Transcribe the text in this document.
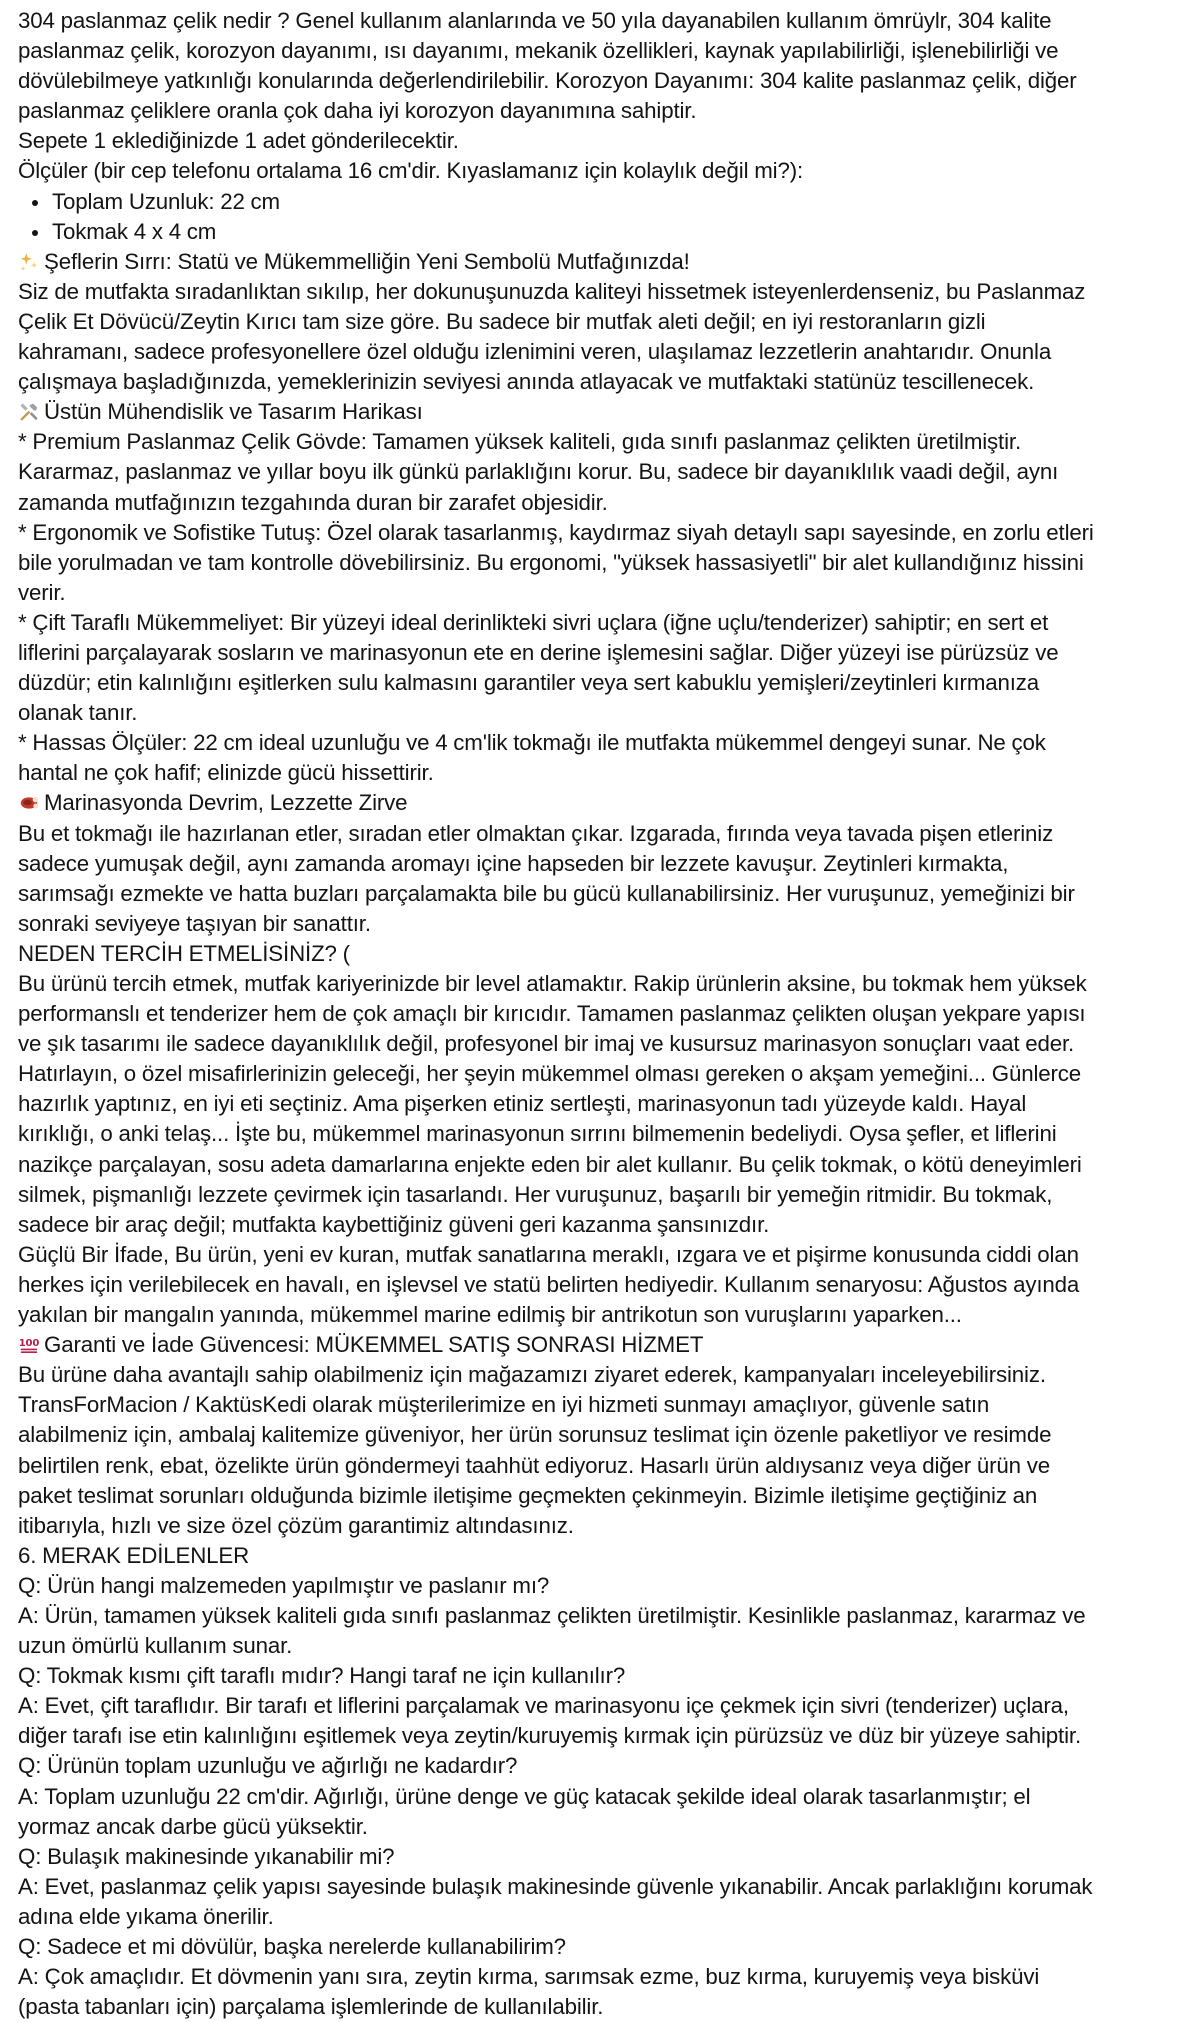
304 paslanmaz çelik nedir ? Genel kullanım alanlarında ve 50 yıla dayanabilen kullanım ömrüylr, 304 kalite paslanmaz çelik, korozyon dayanımı, ısı dayanımı, mekanik özellikleri, kaynak yapılabilirliği, işlenebilirliği ve dövülebilmeye yatkınlığı konularında değerlendirilebilir. Korozyon Dayanımı: 304 kalite paslanmaz çelik, diğer paslanmaz çeliklere oranla çok daha iyi korozyon dayanımına sahiptir.

Sepete 1 eklediğinizde 1 adet gönderilecektir.

Ölçüler (bir cep telefonu ortalama 16 cm'dir. Kıyaslamanız için kolaylık değil mi?):

Toplam Uzunluk: 22 cm
Tokmak 4 x 4 cm

Şeflerin Sırrı: Statü ve Mükemmelliğin Yeni Sembolü Mutfağınızda!

Siz de mutfakta sıradanlıktan sıkılıp, her dokunuşunuzda kaliteyi hissetmek isteyenlerdenseniz, bu Paslanmaz Çelik Et Dövücü/Zeytin Kırıcı tam size göre. Bu sadece bir mutfak aleti değil; en iyi restoranların gizli kahramanı, sadece profesyonellere özel olduğu izlenimini veren, ulaşılamaz lezzetlerin anahtarıdır. Onunla çalışmaya başladığınızda, yemeklerinizin seviyesi anında atlayacak ve mutfaktaki statünüz tescillenecek.

Üstün Mühendislik ve Tasarım Harikası

* Premium Paslanmaz Çelik Gövde: Tamamen yüksek kaliteli, gıda sınıfı paslanmaz çelikten üretilmiştir. Kararmaz, paslanmaz ve yıllar boyu ilk günkü parlaklığını korur. Bu, sadece bir dayanıklılık vaadi değil, aynı zamanda mutfağınızın tezgahında duran bir zarafet objesidir.

* Ergonomik ve Sofistike Tutuş: Özel olarak tasarlanmış, kaydırmaz siyah detaylı sapı sayesinde, en zorlu etleri bile yorulmadan ve tam kontrolle dövebilirsiniz. Bu ergonomi, "yüksek hassasiyetli" bir alet kullandığınız hissini verir.

* Çift Taraflı Mükemmeliyet: Bir yüzeyi ideal derinlikteki sivri uçlara (iğne uçlu/tenderizer) sahiptir; en sert et liflerini parçalayarak sosların ve marinasyonun ete en derine işlemesini sağlar. Diğer yüzeyi ise pürüzsüz ve düzdür; etin kalınlığını eşitlerken sulu kalmasını garantiler veya sert kabuklu yemişleri/zeytinleri kırmanıza olanak tanır.

* Hassas Ölçüler: 22 cm ideal uzunluğu ve 4 cm'lik tokmağı ile mutfakta mükemmel dengeyi sunar. Ne çok hantal ne çok hafif; elinizde gücü hissettirir.

Marinasyonda Devrim, Lezzette Zirve

Bu et tokmağı ile hazırlanan etler, sıradan etler olmaktan çıkar. Izgarada, fırında veya tavada pişen etleriniz sadece yumuşak değil, aynı zamanda aromayı içine hapseden bir lezzete kavuşur. Zeytinleri kırmakta, sarımsağı ezmekte ve hatta buzları parçalamakta bile bu gücü kullanabilirsiniz. Her vuruşunuz, yemeğinizi bir sonraki seviyeye taşıyan bir sanattır.

NEDEN TERCİH ETMELİSİNİZ? (

Bu ürünü tercih etmek, mutfak kariyerinizde bir level atlamaktır. Rakip ürünlerin aksine, bu tokmak hem yüksek performanslı et tenderizer hem de çok amaçlı bir kırıcıdır. Tamamen paslanmaz çelikten oluşan yekpare yapısı ve şık tasarımı ile sadece dayanıklılık değil, profesyonel bir imaj ve kusursuz marinasyon sonuçları vaat eder.

Hatırlayın, o özel misafirlerinizin geleceği, her şeyin mükemmel olması gereken o akşam yemeğini... Günlerce hazırlık yaptınız, en iyi eti seçtiniz. Ama pişerken etiniz sertleşti, marinasyonun tadı yüzeyde kaldı. Hayal kırıklığı, o anki telaş... İşte bu, mükemmel marinasyonun sırrını bilmemenin bedeliydi. Oysa şefler, et liflerini nazikçe parçalayan, sosu adeta damarlarına enjekte eden bir alet kullanır. Bu çelik tokmak, o kötü deneyimleri silmek, pişmanlığı lezzete çevirmek için tasarlandı. Her vuruşunuz, başarılı bir yemeğin ritmidir. Bu tokmak, sadece bir araç değil; mutfakta kaybettiğiniz güveni geri kazanma şansınızdır.

Güçlü Bir İfade, Bu ürün, yeni ev kuran, mutfak sanatlarına meraklı, ızgara ve et pişirme konusunda ciddi olan herkes için verilebilecek en havalı, en işlevsel ve statü belirten hediyedir. Kullanım senaryosu: Ağustos ayında yakılan bir mangalın yanında, mükemmel marine edilmiş bir antrikotun son vuruşlarını yaparken...

100 Garanti ve İade Güvencesi: MÜKEMMEL SATIŞ SONRASI HİZMET

Bu ürüne daha avantajlı sahip olabilmeniz için mağazamızı ziyaret ederek, kampanyaları inceleyebilirsiniz. TransForMacion / KaktüsKedi olarak müşterilerimize en iyi hizmeti sunmayı amaçlıyor, güvenle satın alabilmeniz için, ambalaj kalitemize güveniyor, her ürün sorunsuz teslimat için özenle paketliyor ve resimde belirtilen renk, ebat, özelikte ürün göndermeyi taahhüt ediyoruz. Hasarlı ürün aldıysanız veya diğer ürün ve paket teslimat sorunları olduğunda bizimle iletişime geçmekten çekinmeyin. Bizimle iletişime geçtiğiniz an itibarıyla, hızlı ve size özel çözüm garantimiz altındasınız.

6. MERAK EDİLENLER

Q: Ürün hangi malzemeden yapılmıştır ve paslanır mı?

A: Ürün, tamamen yüksek kaliteli gıda sınıfı paslanmaz çelikten üretilmiştir. Kesinlikle paslanmaz, kararmaz ve uzun ömürlü kullanım sunar.

Q: Tokmak kısmı çift taraflı mıdır? Hangi taraf ne için kullanılır?

A: Evet, çift taraflıdır. Bir tarafı et liflerini parçalamak ve marinasyonu içe çekmek için sivri (tenderizer) uçlara, diğer tarafı ise etin kalınlığını eşitlemek veya zeytin/kuruyemiş kırmak için pürüzsüz ve düz bir yüzeye sahiptir.

Q: Ürünün toplam uzunluğu ve ağırlığı ne kadardır?

A: Toplam uzunluğu 22 cm'dir. Ağırlığı, ürüne denge ve güç katacak şekilde ideal olarak tasarlanmıştır; el yormaz ancak darbe gücü yüksektir.

Q: Bulaşık makinesinde yıkanabilir mi?

A: Evet, paslanmaz çelik yapısı sayesinde bulaşık makinesinde güvenle yıkanabilir. Ancak parlaklığını korumak adına elde yıkama önerilir.

Q: Sadece et mi dövülür, başka nerelerde kullanabilirim?

A: Çok amaçlıdır. Et dövmenin yanı sıra, zeytin kırma, sarımsak ezme, buz kırma, kuruyemiş veya bisküvi (pasta tabanları için) parçalama işlemlerinde de kullanılabilir.
